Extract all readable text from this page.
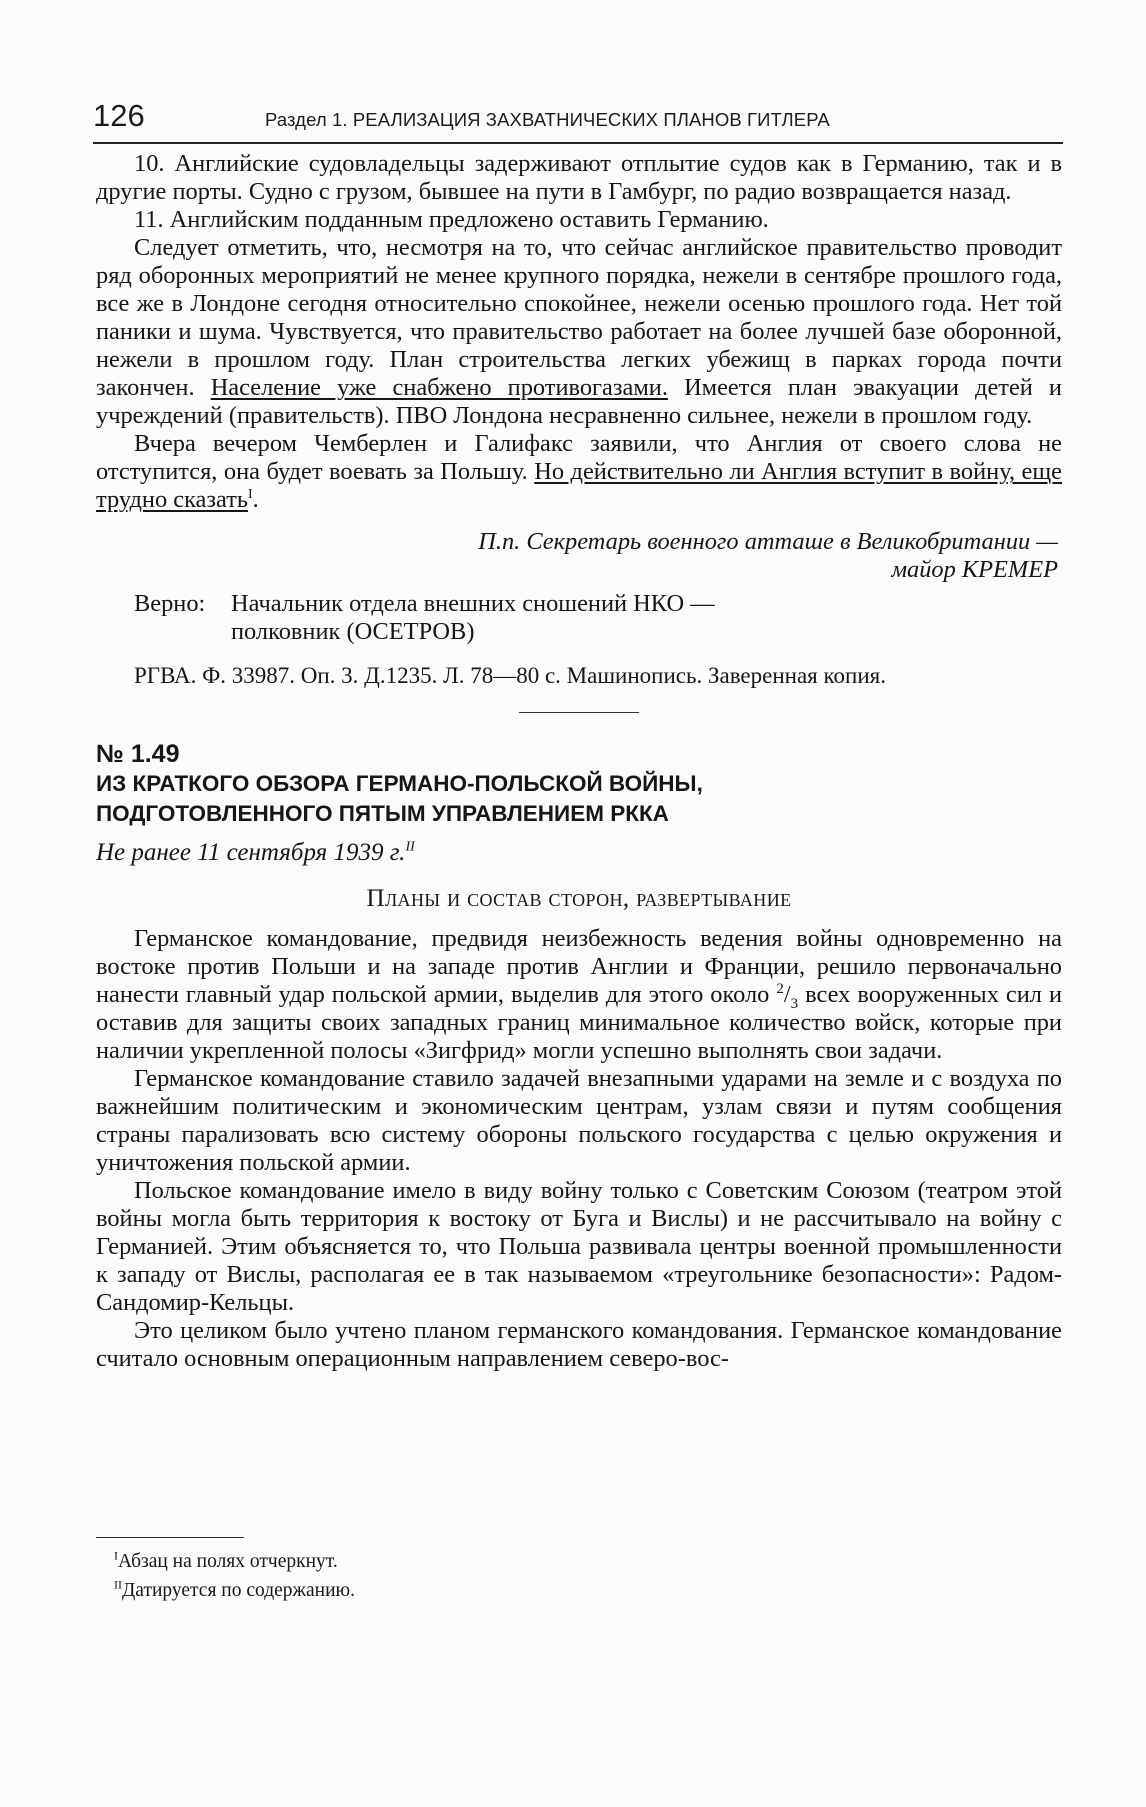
126	Раздел 1. РЕАЛИЗАЦИЯ ЗАХВАТНИЧЕСКИХ ПЛАНОВ ГИТЛЕРА

10. Английские судовладельцы задерживают отплытие судов как в Германию, так и в другие порты. Судно с грузом, бывшее на пути в Гамбург, по радио возвращается назад.

11. Английским подданным предложено оставить Германию.

Следует отметить, что, несмотря на то, что сейчас английское правительство проводит ряд оборонных мероприятий не менее крупного порядка, нежели в сентябре прошлого года, все же в Лондоне сегодня относительно спокойнее, нежели осенью прошлого года. Нет той паники и шума. Чувствуется, что правительство работает на более лучшей базе оборонной, нежели в прошлом году. План строительства легких убежищ в парках города почти закончен. Население уже снабжено противогазами. Имеется план эвакуации детей и учреждений (правительств). ПВО Лондона несравненно сильнее, нежели в прошлом году.

Вчера вечером Чемберлен и Галифакс заявили, что Англия от своего слова не отступится, она будет воевать за Польшу. Но действительно ли Англия вступит в войну, еще трудно сказать$^I$.

П.п. Секретарь военного атташе в Великобритании —
майор КРЕМЕР
Верно:	Начальник отдела внешних сношений НКО —
полковник (ОСЕТРОВ)
РГВА. Ф. 33987. Оп. 3. Д.1235. Л. 78—80 с. Машинопись. Заверенная копия.
№ 1.49
ИЗ КРАТКОГО ОБЗОРА ГЕРМАНО-ПОЛЬСКОЙ ВОЙНЫ,
ПОДГОТОВЛЕННОГО ПЯТЫМ УПРАВЛЕНИЕМ РККА
Не ранее 11 сентября 1939 г.$^{II}$
Планы и состав сторон, развертывание

Германское командование, предвидя неизбежность ведения войны одновременно на востоке против Польши и на западе против Англии и Франции, решило первоначально нанести главный удар польской армии, выделив для этого около $^2/_3$ всех вооруженных сил и оставив для защиты своих западных границ минимальное количество войск, которые при наличии укрепленной полосы «Зигфрид» могли успешно выполнять свои задачи.

Германское командование ставило задачей внезапными ударами на земле и с воздуха по важнейшим политическим и экономическим центрам, узлам связи и путям сообщения страны парализовать всю систему обороны польского государства с целью окружения и уничтожения польской армии.

Польское командование имело в виду войну только с Советским Союзом (театром этой войны могла быть территория к востоку от Буга и Вислы) и не рассчитывало на войну с Германией. Этим объясняется то, что Польша развивала центры военной промышленности к западу от Вислы, располагая ее в так называемом «треугольнике безопасности»: Радом-Сандомир-Кельцы.

Это целиком было учтено планом германского командования. Германское командование считало основным операционным направлением северо-вос-

$^I$Абзац на полях отчеркнут.
$^{II}$Датируется по содержанию.
